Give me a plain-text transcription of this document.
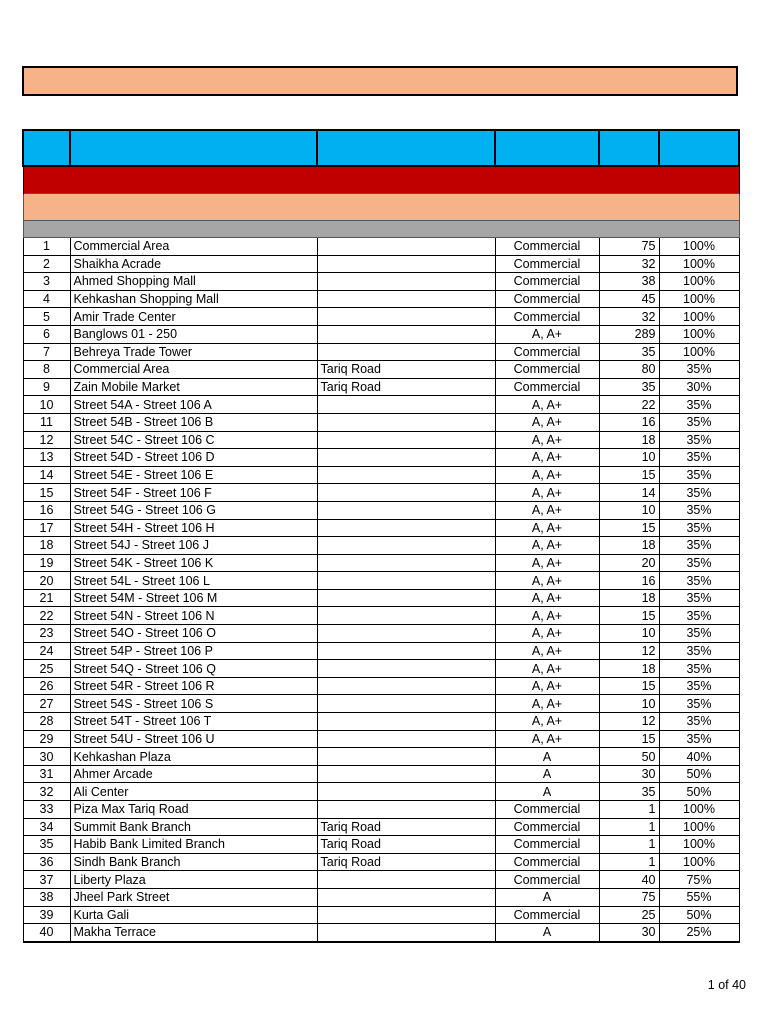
1	Commercial Area		Commercial	75	100%
2	Shaikha Acrade		Commercial	32	100%
3	Ahmed Shopping Mall		Commercial	38	100%
4	Kehkashan Shopping Mall		Commercial	45	100%
5	Amir Trade Center		Commercial	32	100%
6	Banglows 01 - 250		A, A+	289	100%
7	Behreya Trade Tower		Commercial	35	100%
8	Commercial Area	Tariq Road	Commercial	80	35%
9	Zain Mobile Market	Tariq Road	Commercial	35	30%
10	Street 54A - Street 106 A		A, A+	22	35%
11	Street 54B - Street 106 B		A, A+	16	35%
12	Street 54C - Street 106 C		A, A+	18	35%
13	Street 54D - Street 106 D		A, A+	10	35%
14	Street 54E - Street 106 E		A, A+	15	35%
15	Street 54F - Street 106 F		A, A+	14	35%
16	Street 54G - Street 106 G		A, A+	10	35%
17	Street 54H - Street 106 H		A, A+	15	35%
18	Street 54J - Street 106 J		A, A+	18	35%
19	Street 54K - Street 106 K		A, A+	20	35%
20	Street 54L - Street 106 L		A, A+	16	35%
21	Street 54M - Street 106 M		A, A+	18	35%
22	Street 54N - Street 106 N		A, A+	15	35%
23	Street 54O - Street 106 O		A, A+	10	35%
24	Street 54P - Street 106 P		A, A+	12	35%
25	Street 54Q - Street 106 Q		A, A+	18	35%
26	Street 54R - Street 106 R		A, A+	15	35%
27	Street 54S - Street 106 S		A, A+	10	35%
28	Street 54T - Street 106 T		A, A+	12	35%
29	Street 54U - Street 106 U		A, A+	15	35%
30	Kehkashan Plaza		A	50	40%
31	Ahmer Arcade		A	30	50%
32	Ali Center		A	35	50%
33	Piza Max Tariq Road		Commercial	1	100%
34	Summit Bank Branch	Tariq Road	Commercial	1	100%
35	Habib Bank Limited Branch	Tariq Road	Commercial	1	100%
36	Sindh Bank Branch	Tariq Road	Commercial	1	100%
37	Liberty Plaza		Commercial	40	75%
38	Jheel Park Street		A	75	55%
39	Kurta Gali		Commercial	25	50%
40	Makha Terrace		A	30	25%
1 of 40
